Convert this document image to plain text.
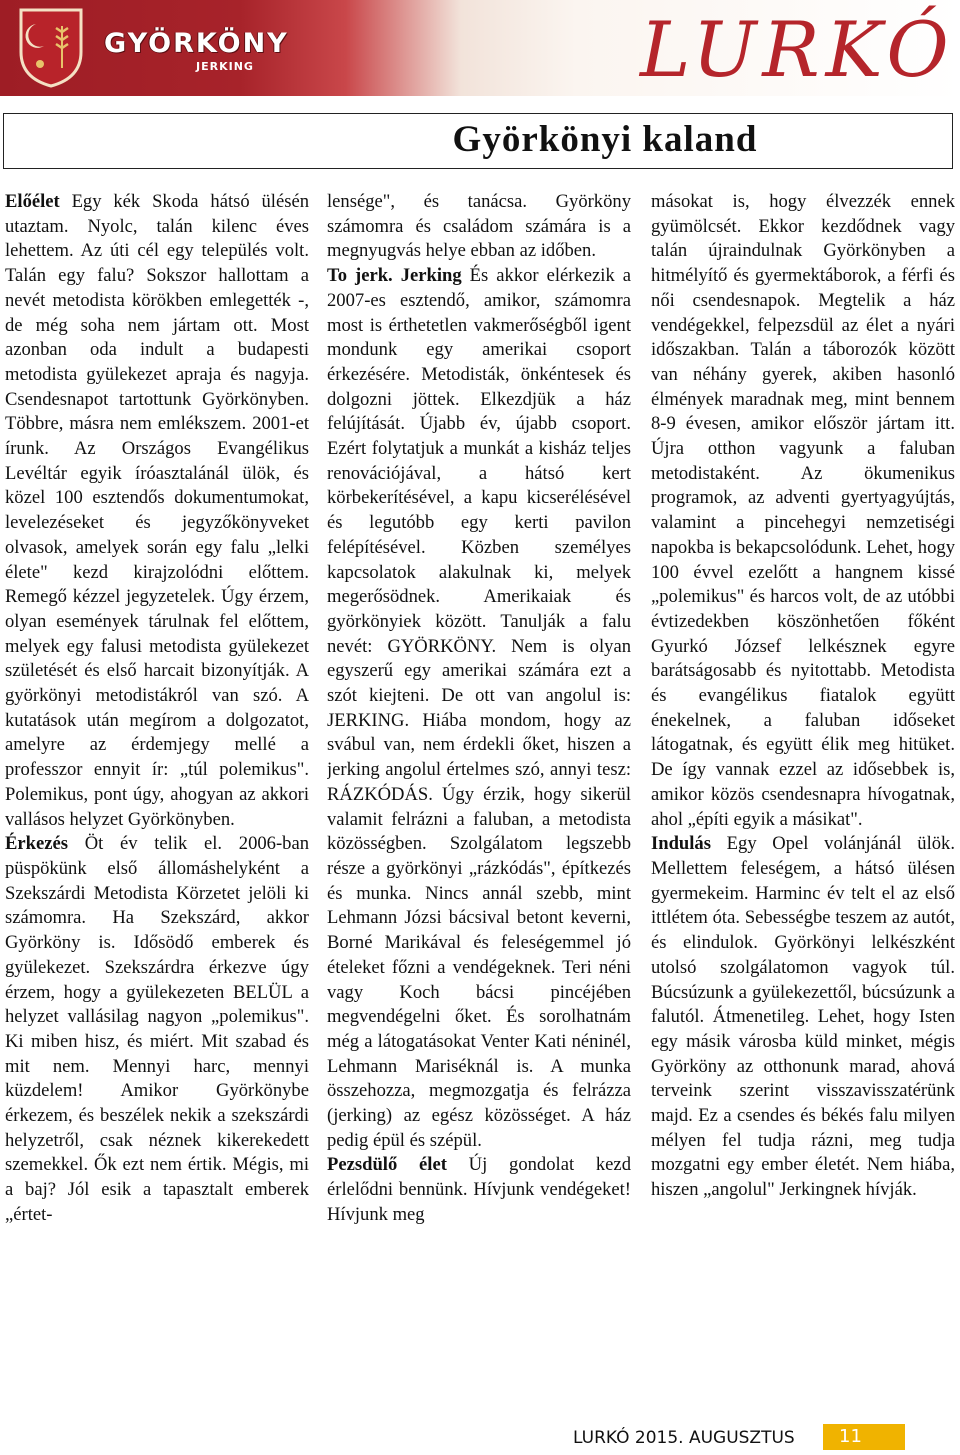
GYÖRKÖNY
JERKING	LURKÓ
Györkönyi kaland

Előélet Egy kék Skoda hátsó ülésén utaztam. Nyolc, talán kilenc éves lehettem. Az úti cél egy település volt. Talán egy falu? Sokszor hallottam a nevét metodista körökben emlegették -, de még soha nem jártam ott. Most azonban oda indult a budapesti metodista gyülekezet apraja és nagyja. Csendesnapot tartottunk Györkönyben. Többre, másra nem emlékszem. 2001-et írunk. Az Országos Evangélikus Levéltár egyik íróasztalánál ülök, és közel 100 esztendős dokumentumokat, levelezéseket és jegyzőkönyveket olvasok, amelyek során egy falu „lelki élete" kezd kirajzolódni előttem. Remegő kézzel jegyzetelek. Úgy érzem, olyan események tárulnak fel előttem, melyek egy falusi metodista gyülekezet születését és első harcait bizonyítják. A györkönyi metodistákról van szó. A kutatások után megírom a dolgozatot, amelyre az érdemjegy mellé a professzor ennyit ír: „túl polemikus". Polemikus, pont úgy, ahogyan az akkori vallásos helyzet Györkönyben.

Érkezés Öt év telik el. 2006-ban püspökünk első állomáshelyként a Szekszárdi Metodista Körzetet jelöli ki számomra. Ha Szekszárd, akkor Györköny is. Idősödő emberek és gyülekezet. Szekszárdra érkezve úgy érzem, hogy a gyülekezeten BELÜL a helyzet vallásilag nagyon „polemikus". Ki miben hisz, és miért. Mit szabad és mit nem. Mennyi harc, mennyi küzdelem! Amikor Györkönybe érkezem, és beszélek nekik a szekszárdi helyzetről, csak néznek kikerekedett szemekkel. Ők ezt nem értik. Mégis, mi a baj? Jól esik a tapasztalt emberek „értet-

lensége", és tanácsa. Györköny számomra és családom számára is a megnyugvás helye ebban az időben.

To jerk. Jerking És akkor elérkezik a 2007-es esztendő, amikor, számomra most is érthetetlen vakmerőségből igent mondunk egy amerikai csoport érkezésére. Metodisták, önkéntesek és dolgozni jöttek. Elkezdjük a ház felújítását. Újabb év, újabb csoport. Ezért folytatjuk a munkát a kisház teljes renovációjával, a hátsó kert körbekerítésével, a kapu kicserélésével és legutóbb egy kerti pavilon felépítésével. Közben személyes kapcsolatok alakulnak ki, melyek megerősödnek. Amerikaiak és györkönyiek között. Tanulják a falu nevét: GYÖRKÖNY. Nem is olyan egyszerű egy amerikai számára ezt a szót kiejteni. De ott van angolul is: JERKING. Hiába mondom, hogy az svábul van, nem érdekli őket, hiszen a jerking angolul értelmes szó, annyi tesz: RÁZKÓDÁS. Úgy érzik, hogy sikerül valamit felrázni a faluban, a metodista közösségben. Szolgálatom legszebb része a györkönyi „rázkódás", építkezés és munka. Nincs annál szebb, mint Lehmann Józsi bácsival betont keverni, Borné Marikával és feleségemmel jó ételeket főzni a vendégeknek. Teri néni vagy Koch bácsi pincéjében megvendégelni őket. És sorolhatnám még a látogatásokat Venter Kati néninél, Lehmann Mariséknál is. A munka összehozza, megmozgatja és felrázza (jerking) az egész közösséget. A ház pedig épül és szépül.

Pezsdülő élet Új gondolat kezd érlelődni bennünk. Hívjunk vendégeket! Hívjunk meg

másokat is, hogy élvezzék ennek gyümölcsét. Ekkor kezdődnek vagy talán újraindulnak Györkönyben a hitmélyítő és gyermektáborok, a férfi és női csendesnapok. Megtelik a ház vendégekkel, felpezsdül az élet a nyári időszakban. Talán a táborozók között van néhány gyerek, akiben hasonló élmények maradnak meg, mint bennem 8-9 évesen, amikor először jártam itt. Újra otthon vagyunk a faluban metodistaként. Az ökumenikus programok, az adventi gyertyagyújtás, valamint a pincehegyi nemzetiségi napokba is bekapcsolódunk. Lehet, hogy 100 évvel ezelőtt a hangnem kissé „polemikus" és harcos volt, de az utóbbi évtizedekben köszönhetően főként Gyurkó József lelkésznek egyre barátságosabb és nyitottabb. Metodista és evangélikus fiatalok együtt énekelnek, a faluban időseket látogatnak, és együtt élik meg hitüket. De így vannak ezzel az idősebbek is, amikor közös csendesnapra hívogatnak, ahol „építi egyik a másikat".

Indulás Egy Opel volánjánál ülök. Mellettem feleségem, a hátsó ülésen gyermekeim. Harminc év telt el az első ittlétem óta. Sebességbe teszem az autót, és elindulok. Györkönyi lelkészként utolsó szolgálatomon vagyok túl. Búcsúzunk a gyülekezettől, búcsúzunk a falutól. Átmenetileg. Lehet, hogy Isten egy másik városba küld minket, mégis Györköny az otthonunk marad, ahová terveink szerint visszavisszatérünk majd. Ez a csendes és békés falu milyen mélyen fel tudja rázni, meg tudja mozgatni egy ember életét. Nem hiába, hiszen „angolul" Jerkingnek hívják.

LURKÓ 2015. AUGUSZTUS	11
